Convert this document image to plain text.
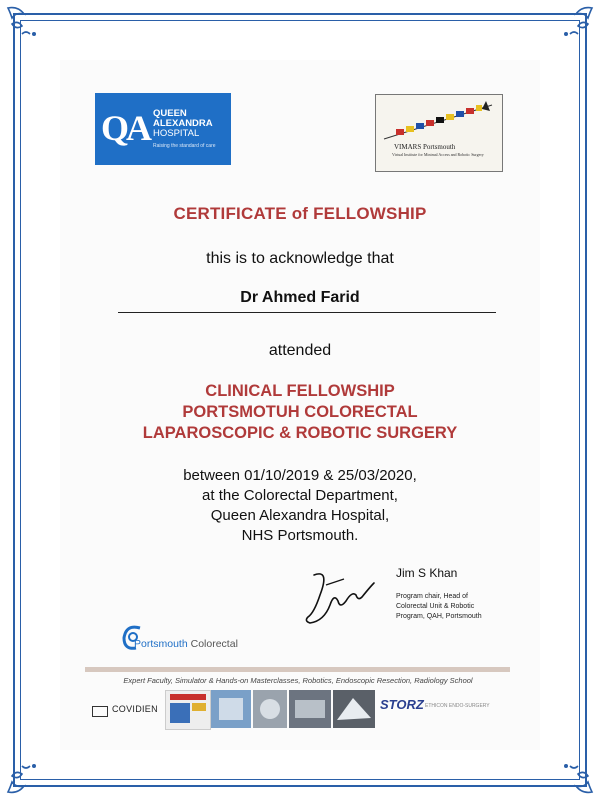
QA QUEEN
ALEXANDRA
HOSPITAL
Raising the standard of care	VIMARS Portsmouth
Virtual Institute for Minimal Access and Robotic Surgery
CERTIFICATE of FELLOWSHIP
this is to acknowledge that
Dr Ahmed Farid
attended
CLINICAL FELLOWSHIP
PORTSMOTUH COLORECTAL
LAPAROSCOPIC & ROBOTIC SURGERY
between 01/10/2019 & 25/03/2020,
at the Colorectal Department,
Queen Alexandra Hospital,
NHS Portsmouth.
Jim S Khan
Program chair, Head of
Colorectal Unit & Robotic
Program, QAH, Portsmouth
Portsmouth Colorectal
Expert Faculty, Simulator & Hands-on Masterclasses, Robotics, Endoscopic Resection, Radiology School
COVIDIEN	STORZ ETHICON ENDO-SURGERY
